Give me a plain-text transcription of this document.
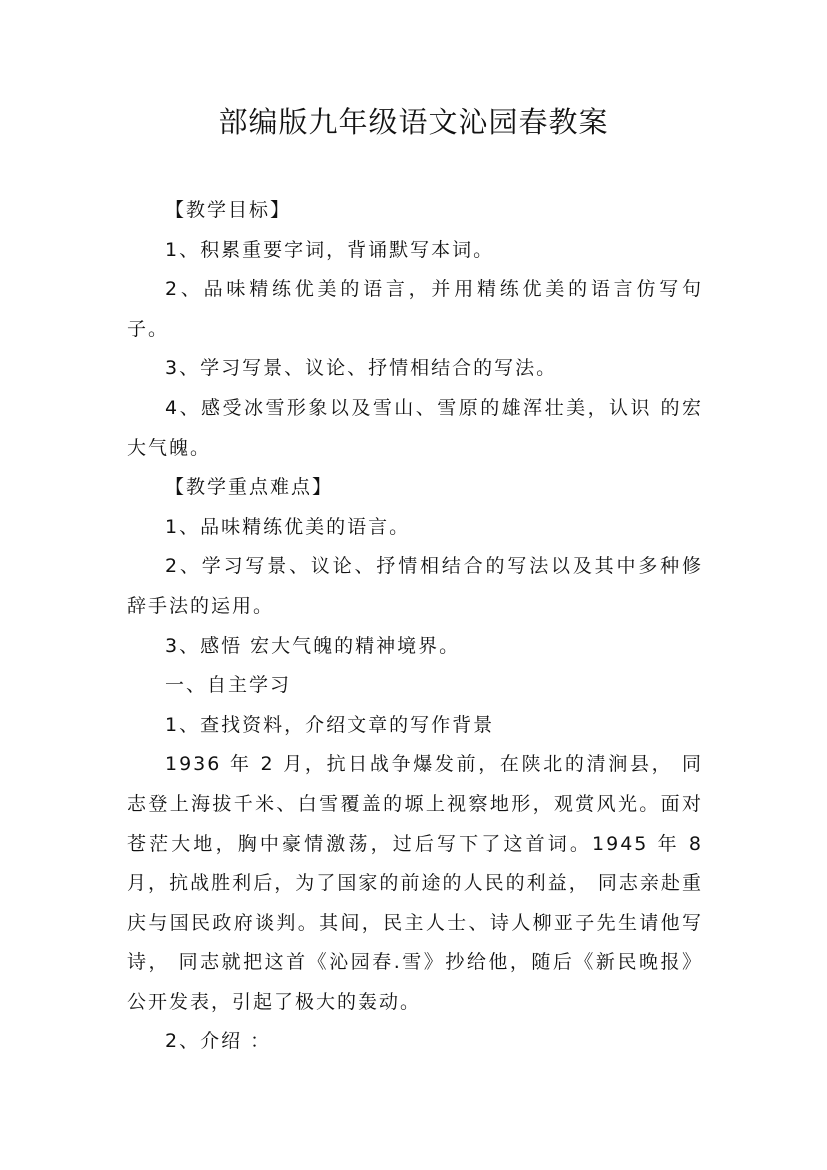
部编版九年级语文沁园春教案

【教学目标】

1、积累重要字词，背诵默写本词。

2、品味精练优美的语言，并用精练优美的语言仿写句子。

3、学习写景、议论、抒情相结合的写法。

4、感受冰雪形象以及雪山、雪原的雄浑壮美，认识 的宏大气魄。

【教学重点难点】

1、品味精练优美的语言。

2、学习写景、议论、抒情相结合的写法以及其中多种修辞手法的运用。

3、感悟 宏大气魄的精神境界。

一、自主学习

1、查找资料，介绍文章的写作背景

1936 年 2 月，抗日战争爆发前，在陕北的清涧县， 同志登上海拔千米、白雪覆盖的塬上视察地形，观赏风光。面对苍茫大地，胸中豪情激荡，过后写下了这首词。1945 年 8 月，抗战胜利后，为了国家的前途的人民的利益， 同志亲赴重庆与国民政府谈判。其间，民主人士、诗人柳亚子先生请他写诗， 同志就把这首《沁园春.雪》抄给他，随后《新民晚报》公开发表，引起了极大的轰动。

2、介绍 ：
